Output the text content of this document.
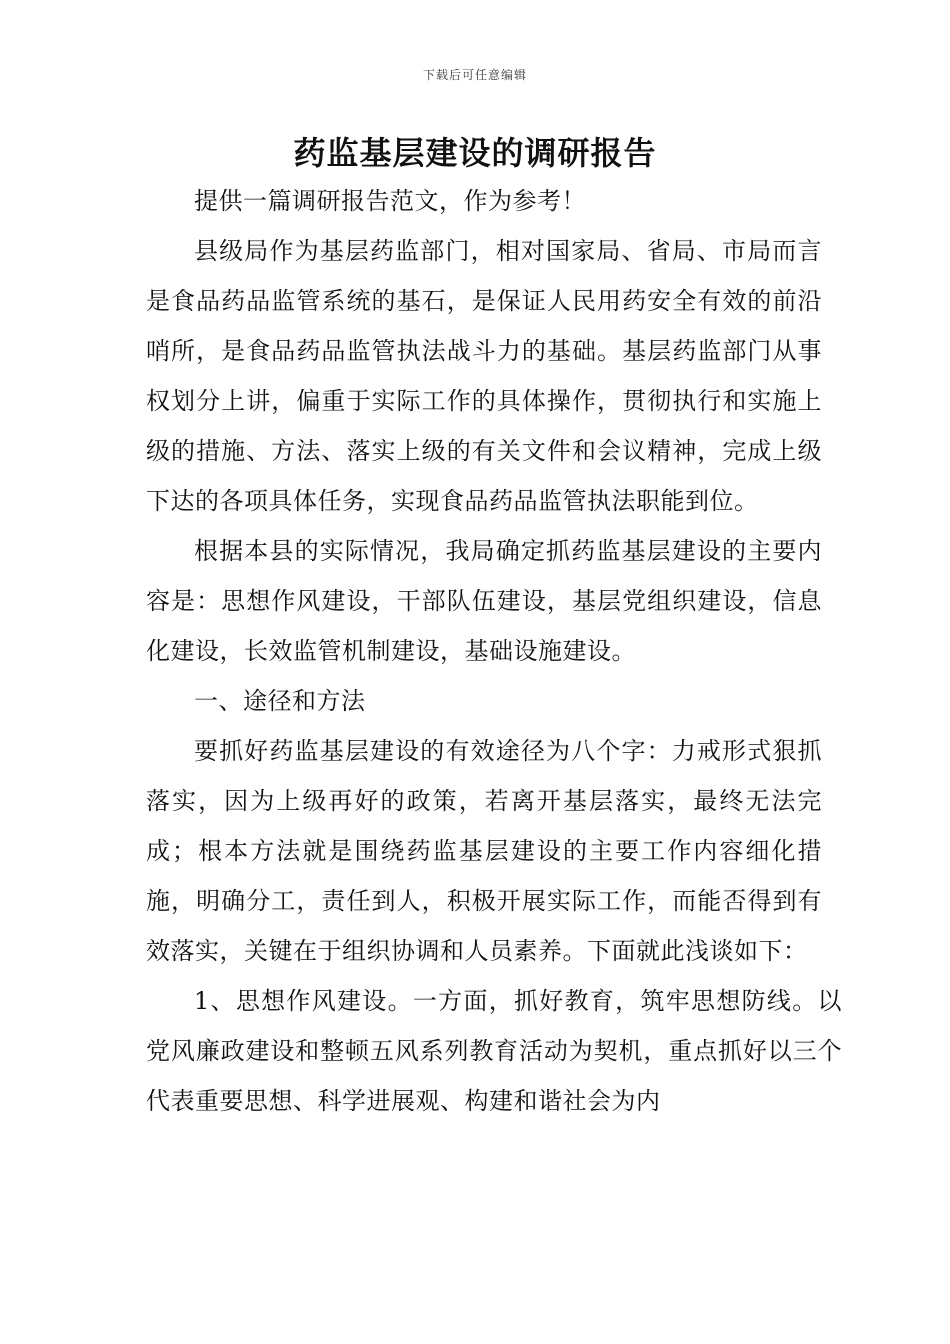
下载后可任意编辑
药监基层建设的调研报告

提供一篇调研报告范文，作为参考！

县级局作为基层药监部门，相对国家局、省局、市局而言是食品药品监管系统的基石，是保证人民用药安全有效的前沿哨所，是食品药品监管执法战斗力的基础。基层药监部门从事权划分上讲，偏重于实际工作的具体操作，贯彻执行和实施上级的措施、方法、落实上级的有关文件和会议精神，完成上级下达的各项具体任务，实现食品药品监管执法职能到位。

根据本县的实际情况，我局确定抓药监基层建设的主要内容是：思想作风建设，干部队伍建设，基层党组织建设，信息化建设，长效监管机制建设，基础设施建设。

一、途径和方法

要抓好药监基层建设的有效途径为八个字：力戒形式狠抓落实，因为上级再好的政策，若离开基层落实，最终无法完成；根本方法就是围绕药监基层建设的主要工作内容细化措施，明确分工，责任到人，积极开展实际工作，而能否得到有效落实，关键在于组织协调和人员素养。下面就此浅谈如下：

1、思想作风建设。一方面，抓好教育，筑牢思想防线。以党风廉政建设和整顿五风系列教育活动为契机，重点抓好以三个代表重要思想、科学进展观、构建和谐社会为内
